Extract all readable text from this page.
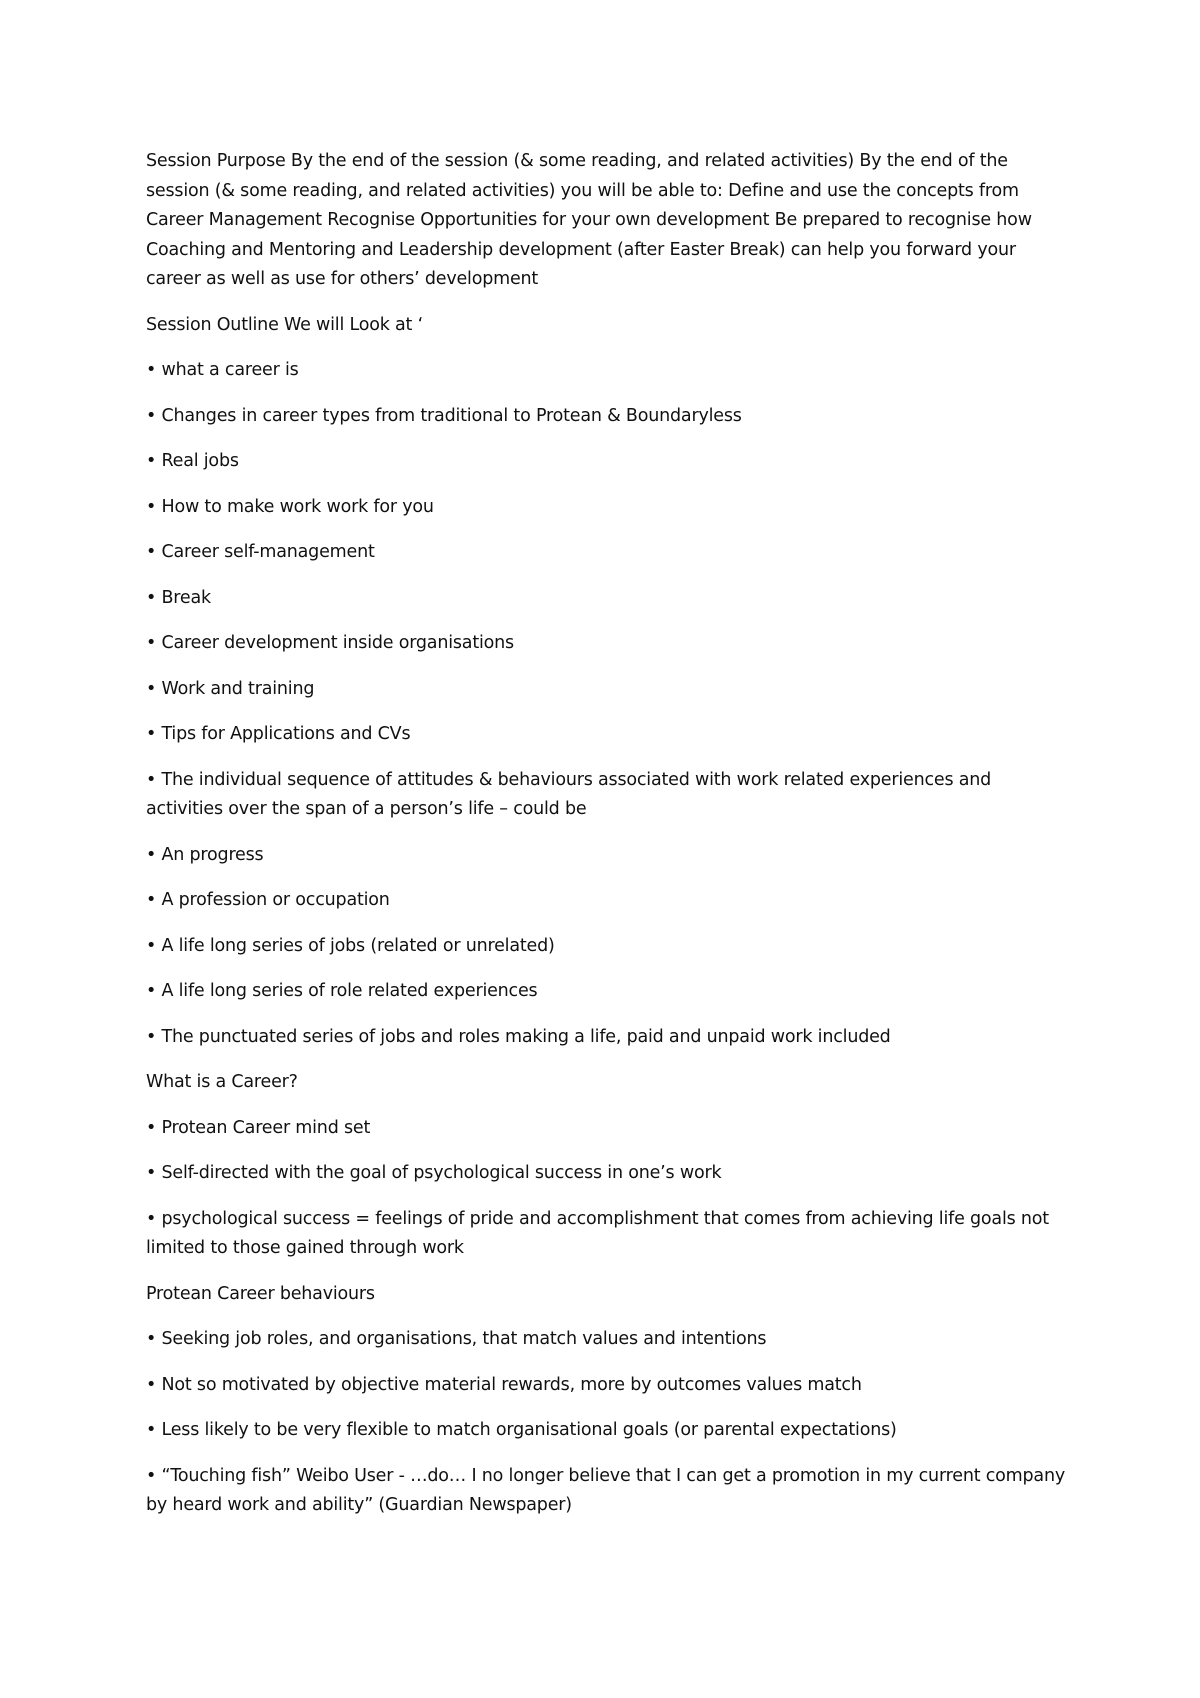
Session Purpose By the end of the session (& some reading, and related activities) By the end of the session (& some reading, and related activities) you will be able to: Define and use the concepts from Career Management Recognise Opportunities for your own development Be prepared to recognise how Coaching and Mentoring and Leadership development (after Easter Break) can help you forward your career as well as use for others’ development

Session Outline We will Look at ‘

• what a career is

• Changes in career types from traditional to Protean & Boundaryless

• Real jobs

• How to make work work for you

• Career self-management

• Break

• Career development inside organisations

• Work and training

• Tips for Applications and CVs

• The individual sequence of attitudes & behaviours associated with work related experiences and activities over the span of a person’s life – could be

• An progress

• A profession or occupation

• A life long series of jobs (related or unrelated)

• A life long series of role related experiences

• The punctuated series of jobs and roles making a life, paid and unpaid work included

What is a Career?

• Protean Career mind set

• Self-directed with the goal of psychological success in one’s work

• psychological success = feelings of pride and accomplishment that comes from achieving life goals not limited to those gained through work

Protean Career behaviours

• Seeking job roles, and organisations, that match values and intentions

• Not so motivated by objective material rewards, more by outcomes values match

• Less likely to be very flexible to match organisational goals (or parental expectations)

• “Touching fish” Weibo User - …do… I no longer believe that I can get a promotion in my current company by heard work and ability” (Guardian Newspaper)
